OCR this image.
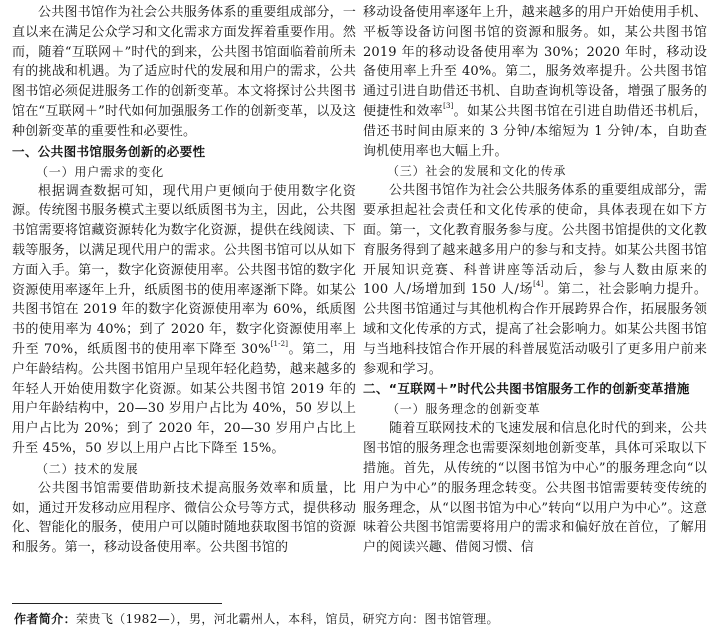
公共图书馆作为社会公共服务体系的重要组成部分，一直以来在满足公众学习和文化需求方面发挥着重要作用。然而，随着“互联网＋”时代的到来，公共图书馆面临着前所未有的挑战和机遇。为了适应时代的发展和用户的需求，公共图书馆必须促进服务工作的创新变革。本文将探讨公共图书馆在“互联网＋”时代如何加强服务工作的创新变革，以及这种创新变革的重要性和必要性。

一、公共图书馆服务创新的必要性
（一）用户需求的变化

根据调查数据可知，现代用户更倾向于使用数字化资源。传统图书服务模式主要以纸质图书为主，因此，公共图书馆需要将馆藏资源转化为数字化资源，提供在线阅读、下载等服务，以满足现代用户的需求。公共图书馆可以从如下方面入手。第一，数字化资源使用率。公共图书馆的数字化资源使用率逐年上升，纸质图书的使用率逐渐下降。如某公共图书馆在 2019 年的数字化资源使用率为 60%，纸质图书的使用率为 40%；到了 2020 年，数字化资源使用率上升至 70%，纸质图书的使用率下降至 30%[1-2]。第二，用户年龄结构。公共图书馆用户呈现年轻化趋势，越来越多的年轻人开始使用数字化资源。如某公共图书馆 2019 年的用户年龄结构中，20—30 岁用户占比为 40%，50 岁以上用户占比为 20%；到了 2020 年，20—30 岁用户占比上升至 45%，50 岁以上用户占比下降至 15%。

（二）技术的发展

公共图书馆需要借助新技术提高服务效率和质量，比如，通过开发移动应用程序、微信公众号等方式，提供移动化、智能化的服务，使用户可以随时随地获取图书馆的资源和服务。第一，移动设备使用率。公共图书馆的

移动设备使用率逐年上升，越来越多的用户开始使用手机、平板等设备访问图书馆的资源和服务。如，某公共图书馆 2019 年的移动设备使用率为 30%；2020 年时，移动设备使用率上升至 40%。第二，服务效率提升。公共图书馆通过引进自助借还书机、自助查询机等设备，增强了服务的便捷性和效率[3]。如某公共图书馆在引进自助借还书机后，借还书时间由原来的 3 分钟/本缩短为 1 分钟/本，自助查询机使用率也大幅上升。

（三）社会的发展和文化的传承

公共图书馆作为社会公共服务体系的重要组成部分，需要承担起社会责任和文化传承的使命，具体表现在如下方面。第一，文化教育服务参与度。公共图书馆提供的文化教育服务得到了越来越多用户的参与和支持。如某公共图书馆开展知识竞赛、科普讲座等活动后，参与人数由原来的 100 人/场增加到 150 人/场[4]。第二，社会影响力提升。公共图书馆通过与其他机构合作开展跨界合作，拓展服务领域和文化传承的方式，提高了社会影响力。如某公共图书馆与当地科技馆合作开展的科普展览活动吸引了更多用户前来参观和学习。

二、“互联网＋”时代公共图书馆服务工作的创新变革措施
（一）服务理念的创新变革

随着互联网技术的飞速发展和信息化时代的到来，公共图书馆的服务理念也需要深刻地创新变革，具体可采取以下措施。首先，从传统的“以图书馆为中心”的服务理念向“以用户为中心”的服务理念转变。公共图书馆需要转变传统的服务理念，从“以图书馆为中心”转向“以用户为中心”。这意味着公共图书馆需要将用户的需求和偏好放在首位，了解用户的阅读兴趣、借阅习惯、信

作者简介：荣贵飞（1982—），男，河北霸州人，本科，馆员，研究方向：图书馆管理。
